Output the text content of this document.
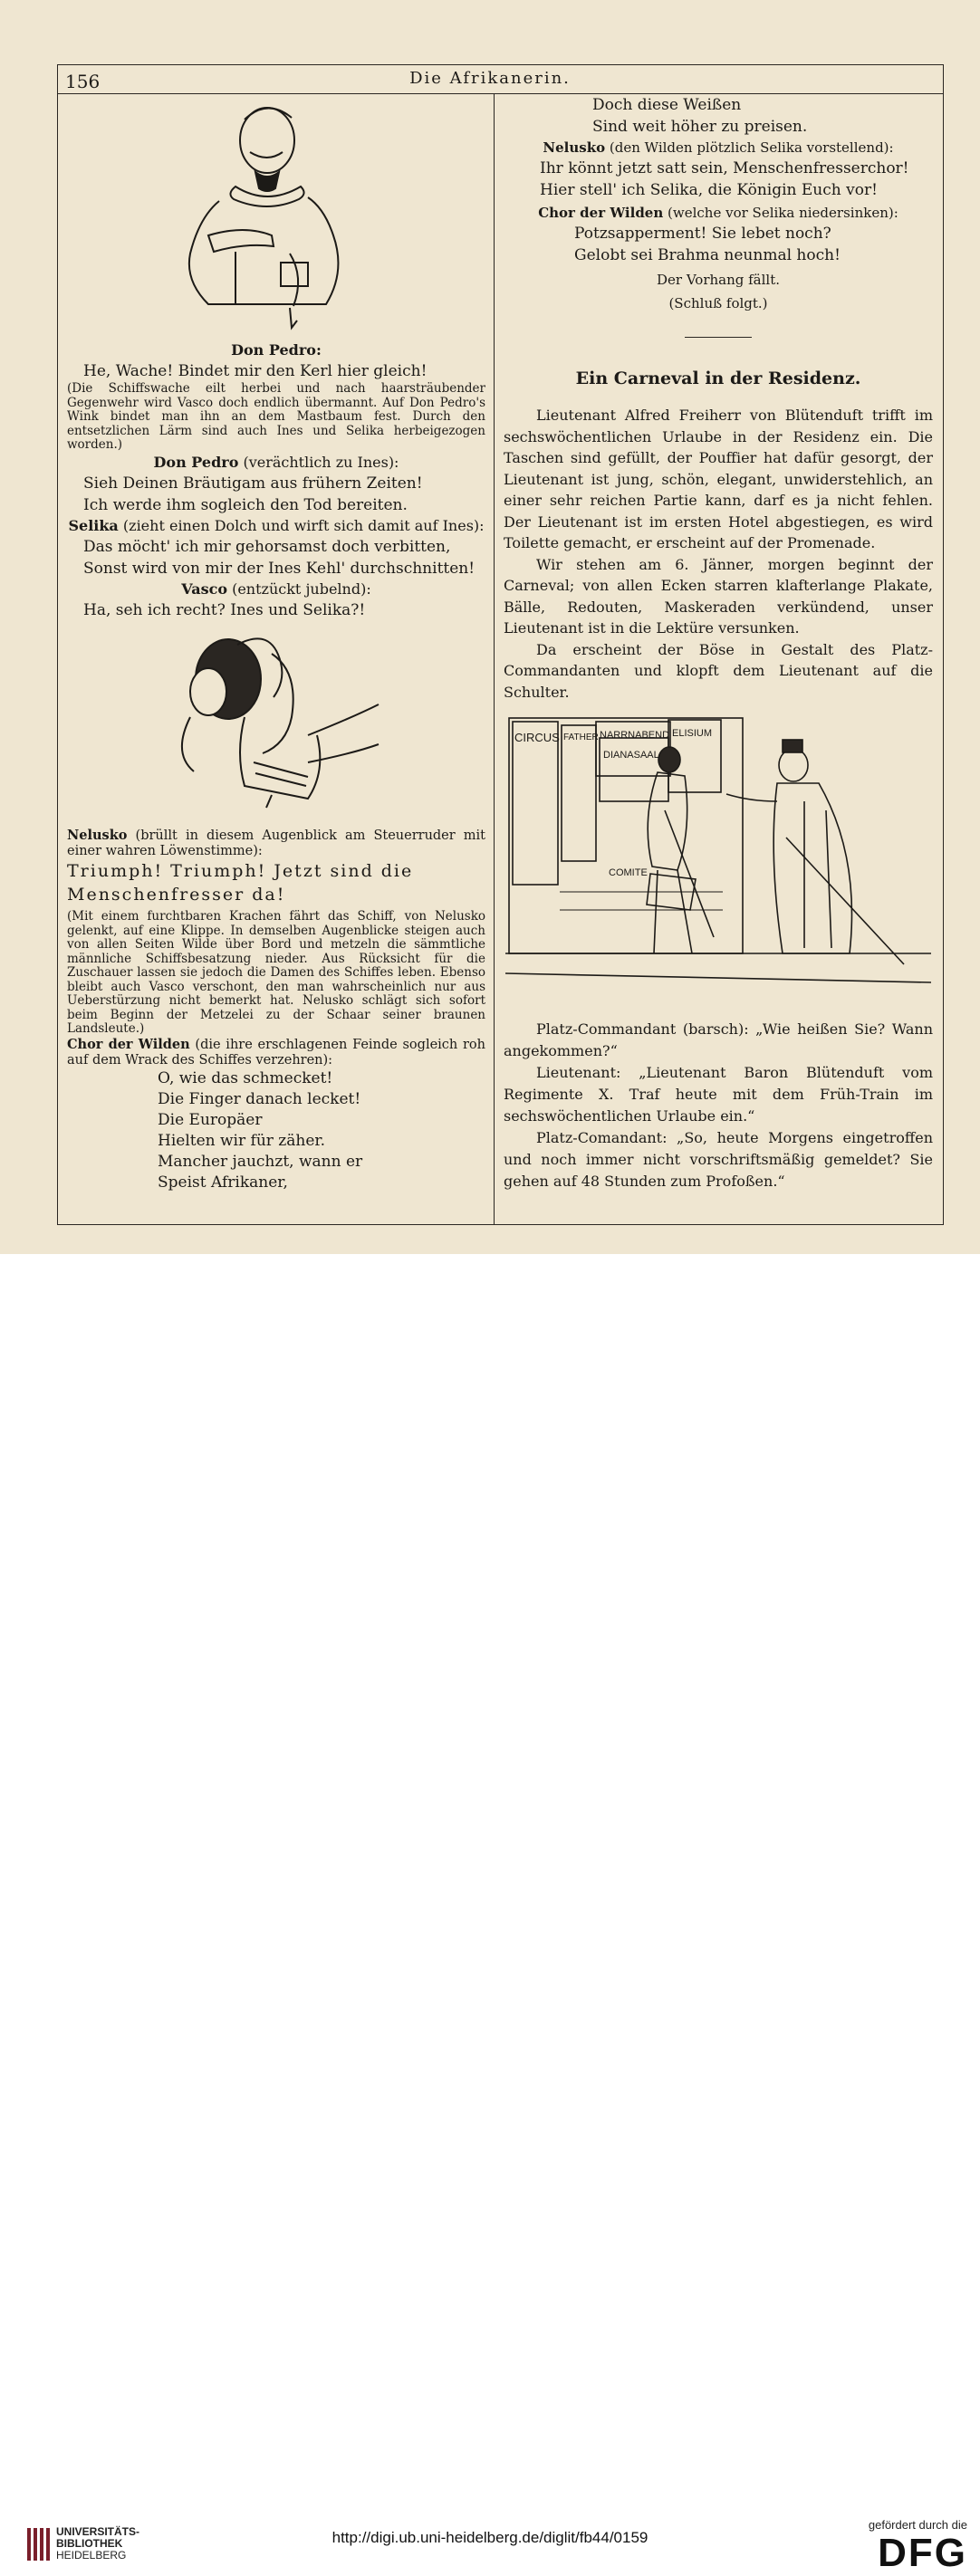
156	Die Afrikanerin.
Don Pedro:
He, Wache! Bindet mir den Kerl hier gleich!
(Die Schiffswache eilt herbei und nach haarsträubender Gegenwehr wird Vasco doch endlich übermannt. Auf Don Pedro's Wink bindet man ihn an dem Mastbaum fest. Durch den entsetzlichen Lärm sind auch Ines und Selika herbeigezogen worden.)
Don Pedro (verächtlich zu Ines):
Sieh Deinen Bräutigam aus frühern Zeiten!
Ich werde ihm sogleich den Tod bereiten.
Selika (zieht einen Dolch und wirft sich damit auf Ines):
Das möcht' ich mir gehorsamst doch verbitten,
Sonst wird von mir der Ines Kehl' durchschnitten!
Vasco (entzückt jubelnd):
Ha, seh ich recht? Ines und Selika?!
Nelusko (brüllt in diesem Augenblick am Steuerruder mit einer wahren Löwenstimme):
Triumph! Triumph! Jetzt sind die Menschenfresser da!
(Mit einem furchtbaren Krachen fährt das Schiff, von Nelusko gelenkt, auf eine Klippe. In demselben Augenblicke steigen auch von allen Seiten Wilde über Bord und metzeln die sämmtliche männliche Schiffsbesatzung nieder. Aus Rücksicht für die Zuschauer lassen sie jedoch die Damen des Schiffes leben. Ebenso bleibt auch Vasco verschont, den man wahrscheinlich nur aus Ueberstürzung nicht bemerkt hat. Nelusko schlägt sich sofort beim Beginn der Metzelei zu der Schaar seiner braunen Landsleute.)
Chor der Wilden (die ihre erschlagenen Feinde sogleich roh auf dem Wrack des Schiffes verzehren):
O, wie das schmecket!
Die Finger danach lecket!
Die Europäer
Hielten wir für zäher.
Mancher jauchzt, wann er
Speist Afrikaner,
Doch diese Weißen
Sind weit höher zu preisen.
Nelusko (den Wilden plötzlich Selika vorstellend):
Ihr könnt jetzt satt sein, Menschenfresserchor!
Hier stell' ich Selika, die Königin Euch vor!
Chor der Wilden (welche vor Selika niedersinken):
Potzsapperment! Sie lebet noch?
Gelobt sei Brahma neunmal hoch!
Der Vorhang fällt.
(Schluß folgt.)
Ein Carneval in der Residenz.
Lieutenant Alfred Freiherr von Blütenduft trifft im sechswöchentlichen Urlaube in der Residenz ein. Die Taschen sind gefüllt, der Pouffier hat dafür gesorgt, der Lieutenant ist jung, schön, elegant, unwiderstehlich, an einer sehr reichen Partie kann, darf es ja nicht fehlen. Der Lieutenant ist im ersten Hotel abgestiegen, es wird Toilette gemacht, er erscheint auf der Promenade.
Wir stehen am 6. Jänner, morgen beginnt der Carneval; von allen Ecken starren klafterlange Plakate, Bälle, Redouten, Maskeraden verkündend, unser Lieutenant ist in die Lektüre versunken.
Da erscheint der Böse in Gestalt des Platz-Commandanten und klopft dem Lieutenant auf die Schulter.
CIRCUS FATHER NARRNABEND ELISIUM
DIANASAAL
COMITE
Platz-Commandant (barsch): „Wie heißen Sie? Wann angekommen?“
Lieutenant: „Lieutenant Baron Blütenduft vom Regimente X. Traf heute mit dem Früh-Train im sechswöchentlichen Urlaube ein.“
Platz-Comandant: „So, heute Morgens eingetroffen und noch immer nicht vorschriftsmäßig gemeldet? Sie gehen auf 48 Stunden zum Profoßen.“
UNIVERSITÄTS-
BIBLIOTHEK
HEIDELBERG
http://digi.ub.uni-heidelberg.de/diglit/fb44/0159
gefördert durch die
DFG
